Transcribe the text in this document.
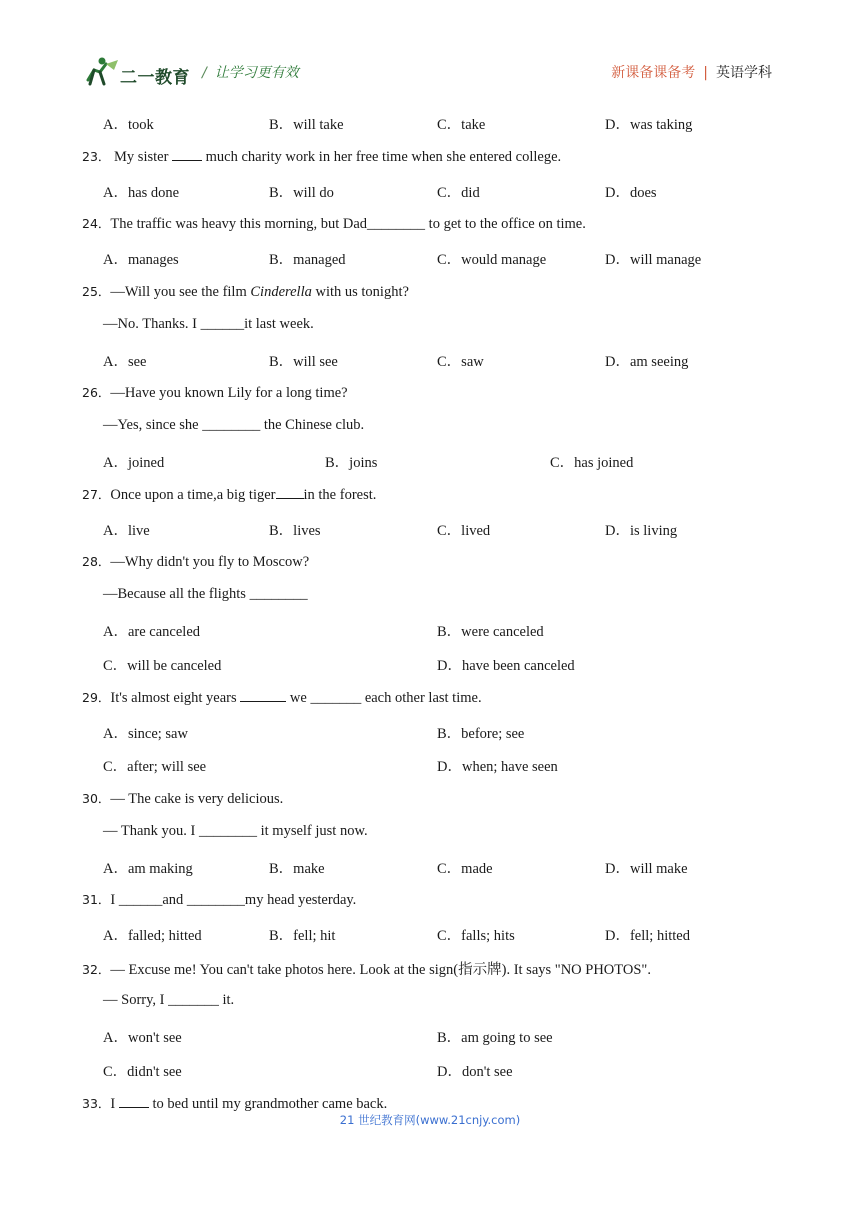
二一教育 / 让学习更有效	新课备课备考 | 英语学科
A．took	B．will take	C．take	D．was taking
23． My sister  much charity work in her free time when she entered college.
A．has done	B．will do	C．did	D．does
24．The traffic was heavy this morning, but Dad________ to get to the office on time.
A．manages	B．managed	C．would manage	D．will manage
25．—Will you see the film Cinderella with us tonight?
—No. Thanks. I ______it last week.
A．see	B．will see	C．saw	D．am seeing
26．—Have you known Lily for a long time?
—Yes, since she ________ the Chinese club.
A．joined	B．joins	C．has joined
27．Once upon a time,a big tiger in the forest.
A．live	B．lives	C．lived	D．is living
28．—Why didn't you fly to Moscow?
—Because all the flights ________
A．are canceled	B．were canceled
C．will be canceled	D．have been canceled
29．It's almost eight years	we _______ each other last time.
A．since; saw	B．before; see
C．after; will see	D．when; have seen
30．— The cake is very delicious.
— Thank you. I ________ it myself just now.
A．am making	B．make	C．made	D．will make
31．I ______and ________my head yesterday.
A．falled; hitted	B．fell; hit	C．falls; hits	D．fell; hitted
32．— Excuse me! You can't take photos here. Look at the sign(指示牌). It says "NO PHOTOS".
— Sorry, I _______ it.
A．won't see	B．am going to see
C．didn't see	D．don't see
33．I  to bed until my grandmother came back.
21 世纪教育网(www.21cnjy.com)
